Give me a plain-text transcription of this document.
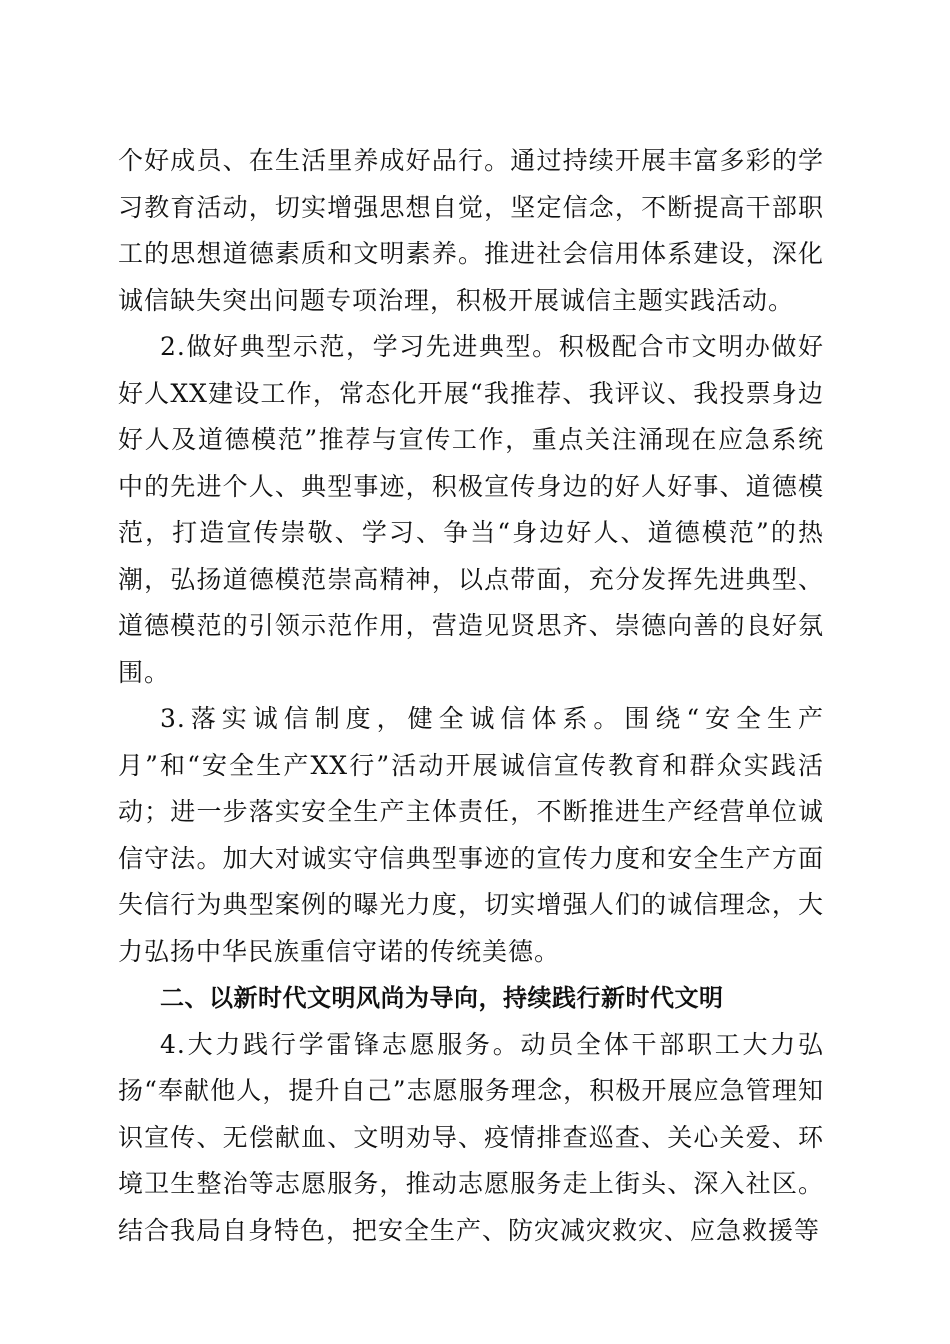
个好成员、在生活里养成好品行。通过持续开展丰富多彩的学习教育活动，切实增强思想自觉，坚定信念，不断提高干部职工的思想道德素质和文明素养。推进社会信用体系建设，深化诚信缺失突出问题专项治理，积极开展诚信主题实践活动。

2.做好典型示范，学习先进典型。积极配合市文明办做好好人XX建设工作，常态化开展“我推荐、我评议、我投票身边好人及道德模范”推荐与宣传工作，重点关注涌现在应急系统中的先进个人、典型事迹，积极宣传身边的好人好事、道德模范，打造宣传崇敬、学习、争当“身边好人、道德模范”的热潮，弘扬道德模范崇高精神，以点带面，充分发挥先进典型、道德模范的引领示范作用，营造见贤思齐、崇德向善的良好氛围。

3.落实诚信制度，健全诚信体系。围绕“安全生产月”和“安全生产XX行”活动开展诚信宣传教育和群众实践活动；进一步落实安全生产主体责任，不断推进生产经营单位诚信守法。加大对诚实守信典型事迹的宣传力度和安全生产方面失信行为典型案例的曝光力度，切实增强人们的诚信理念，大力弘扬中华民族重信守诺的传统美德。

二、以新时代文明风尚为导向，持续践行新时代文明

4.大力践行学雷锋志愿服务。动员全体干部职工大力弘扬“奉献他人，提升自己”志愿服务理念，积极开展应急管理知识宣传、无偿献血、文明劝导、疫情排查巡查、关心关爱、环境卫生整治等志愿服务，推动志愿服务走上街头、深入社区。结合我局自身特色，把安全生产、防灾减灾救灾、应急救援等
